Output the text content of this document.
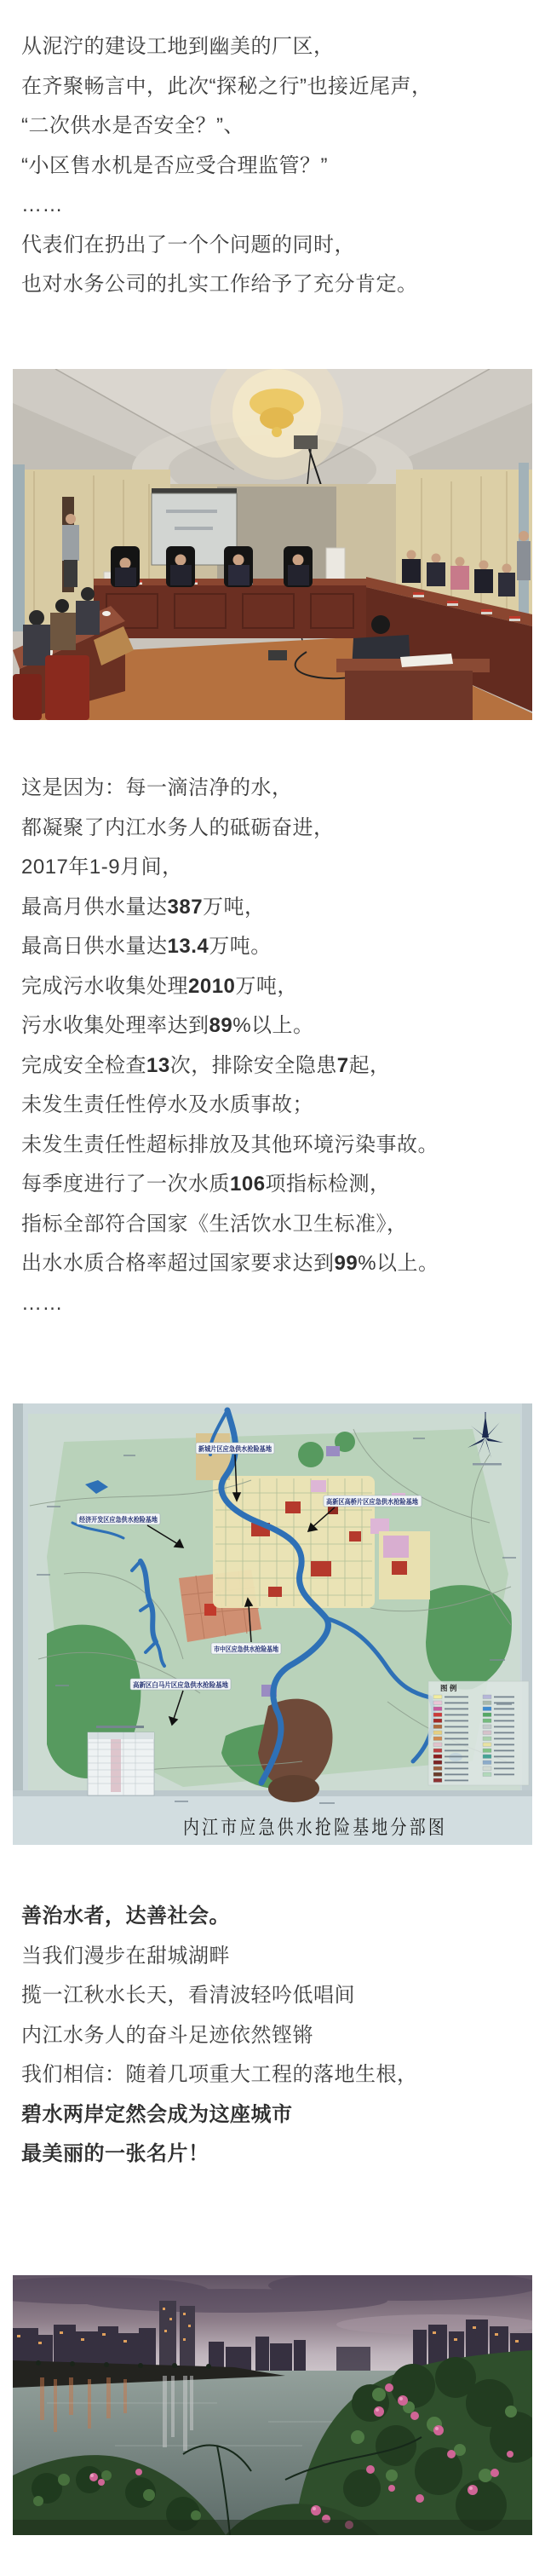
从泥泞的建设工地到幽美的厂区，
在齐聚畅言中，此次“探秘之行”也接近尾声，
“二次供水是否安全？”、
“小区售水机是否应受合理监管？”
……
代表们在扔出了一个个问题的同时，
也对水务公司的扎实工作给予了充分肯定。
这是因为：每一滴洁净的水，
都凝聚了内江水务人的砥砺奋进，
2017年1-9月间，
最高月供水量达387万吨，
最高日供水量达13.4万吨。
完成污水收集处理2010万吨，
污水收集处理率达到89%以上。
完成安全检查13次，排除安全隐患7起，
未发生责任性停水及水质事故；
未发生责任性超标排放及其他环境污染事故。
每季度进行了一次水质106项指标检测，
指标全部符合国家《生活饮水卫生标准》，
出水水质合格率超过国家要求达到99%以上。
……
善治水者，达善社会。
当我们漫步在甜城湖畔
揽一江秋水长天，看清波轻吟低唱间
内江水务人的奋斗足迹依然铿锵
我们相信：随着几项重大工程的落地生根，
碧水两岸定然会成为这座城市
最美丽的一张名片！
新城片区应急供水抢险基地
经济开发区应急供水抢险基地
高新区高桥片区应急供水抢险基地
市中区应急供水抢险基地
高新区白马片区应急供水抢险基地	图 例
内江市应急供水抢险基地分部图
